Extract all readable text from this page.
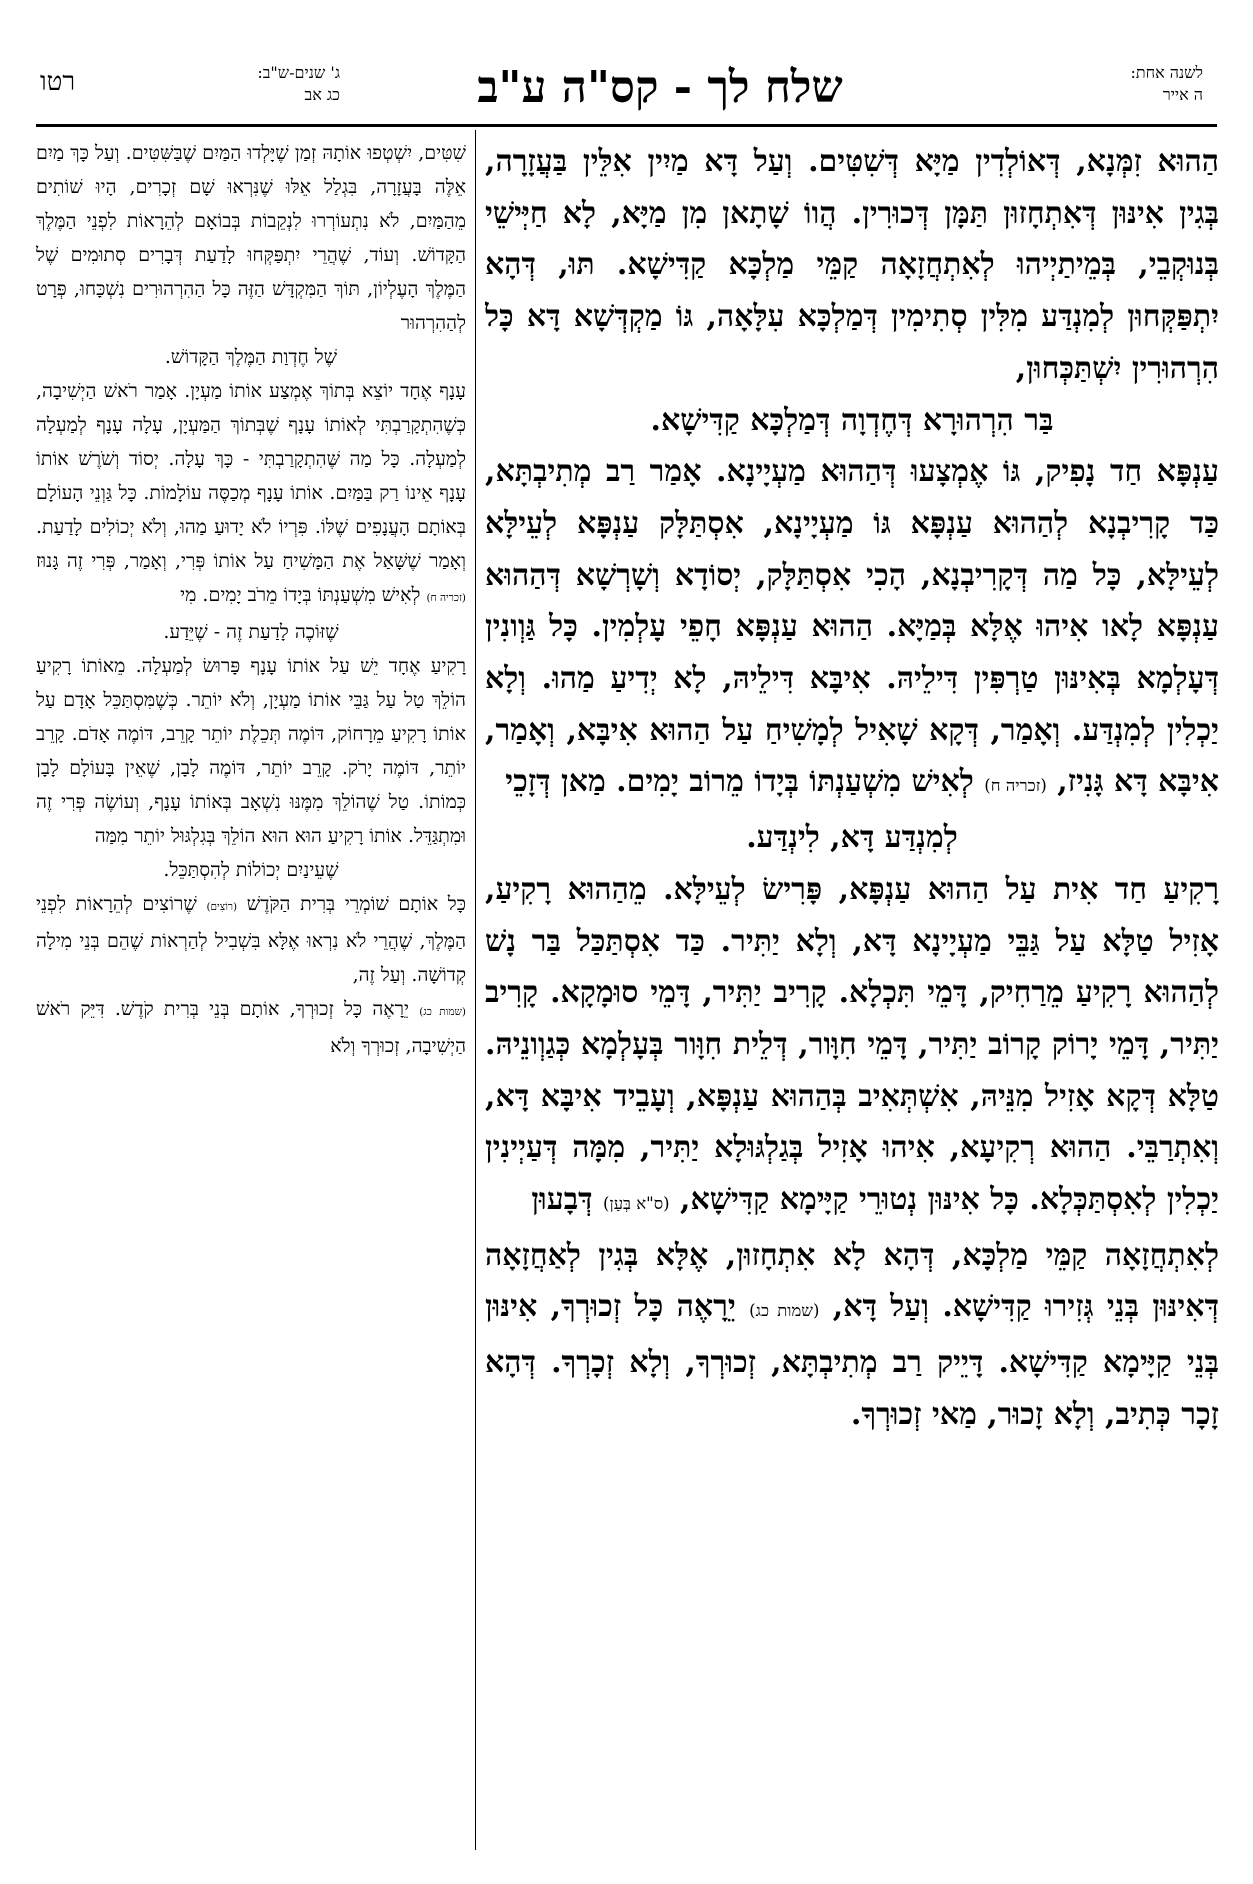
לשנה אחת:
ה אייר
שלח לך - קס"ה ע"ב
ג' שנים-ש"ב:
כג אב
רטו

הַהוּא זִמְּנָא, דְּאוֹלְדִין מַיָּא דְּשִׁטִּים. וְעַל דָּא מַיִין אִלֵּין בַּעֲזָרָה, בְּגִין אִינּוּן דְּאִתְחָזוּן תַּמָּן דְּכוּרִין. הֲווֹ שָׁתָאן מִן מַיָּא, לָא חַיְּישֵׁי בְּנוּקְבֵי, בְּמֵיתַיְיהוּ לְאִתְחֲזָאָה קַמֵּי מַלְכָּא קַדִּישָׁא. תּוּ, דְּהָא יִתְפַּקְּחוּן לְמִנְדַּע מִלִּין סְתִימִין דְּמַלְכָּא עִלָּאָה, גּוֹ מַקְדְּשָׁא דָּא כָּל הִרְהוּרִין יִשְׁתַּכְּחוּן,

בַּר הִרְהוּרָא דְּחֶדְוָה דְּמַלְכָּא קַדִּישָׁא.

עַנְפָּא חַד נָפִיק, גּוֹ אֶמְצָעוּ דְּהַהוּא מַעְיָינָא. אָמַר רַב מְתִיבְתָּא, כַּד קָרִיבְנָא לְהַהוּא עַנְפָּא גּוֹ מַעְיָינָא, אִסְתַּלָּק עַנְפָּא לְעֵילָּא לְעֵילָּא, כָּל מַה דְּקָרִיבְנָא, הָכִי אִסְתַּלָּק, יְסוֹדָא וְשָׁרְשָׁא דְּהַהוּא עַנְפָּא לָאו אִיהוּ אֶלָּא בְּמַיָּא. הַהוּא עַנְפָּא חָפֵי עָלְמִין. כָּל גַּוְונִין דְּעָלְמָא בְּאִינּוּן טַרְפִּין דִּילֵיהּ. אִיבָּא דִּילֵיהּ, לָא יְדִיעַ מַהוּ. וְלָא יַכְלִין לְמִנְדַּע. וְאָמַר, דְּקָא שָׁאִיל לְמָשִׁיחַ עַל הַהוּא אִיבָּא, וְאָמַר, אִיבָּא דָּא גָּנִיז, (זכריה ח) לְאִישׁ מִשְׁעַנְתּוֹ בְּיָדוֹ מֵרוֹב יָמִים. מַאן דְּזָכֵי

לְמִנְדַּע דָּא, לִינְדַּע.

רָקִיעַ חַד אִית עַל הַהוּא עַנְפָּא, פָּרִישׂ לְעֵילָּא. מֵהַהוּא רָקִיעַ, אָזִיל טַלָּא עַל גַּבֵּי מַעְיָינָא דָּא, וְלָא יַתִּיר. כַּד אִסְתַּכַּל בַּר נָשׁ לְהַהוּא רָקִיעַ מֵרַחִיק, דָּמֵי תִּכְלָא. קָרִיב יַתִּיר, דָּמֵי סוּמָקָא. קָרִיב יַתִּיר, דָּמֵי יָרוֹק קָרוֹב יַתִּיר, דָּמֵי חִוָּור, דְּלֵית חִוָּור בְּעָלְמָא כְּגַוְונֵיהּ. טַלָּא דְּקָא אָזִיל מִנֵּיהּ, אִשְׁתְּאִיב בְּהַהוּא עַנְפָּא, וְעָבֵיד אִיבָּא דָּא, וְאִתְרַבֵּי. הַהוּא רְקִיעָא, אִיהוּ אָזִיל בְּגַלְגּוּלָא יַתִּיר, מִמָּה דְּעַיְינִין יַכְלִין לְאִסְתַּכְּלָא. כָּל אִינּוּן נְטוּרֵי קַיָּימָא קַדִּישָׁא, (ס"א בְּעַן) דְּבָעוּן

לְאִתְחֲזָאָה קַמֵּי מַלְכָּא, דְּהָא לָא אִתְחָזוּן, אֶלָּא בְּגִין לְאַחֲזָאָה דְּאִינּוּן בְּנֵי גְּזִירוּ קַדִּישָׁא. וְעַל דָּא, (שמות כג) יֵרָאֶה כָּל זְכוּרְךָ, אִינּוּן בְּנֵי קַיָּימָא קַדִּישָׁא. דָּיֵיק רַב מְתִיבְתָּא, זְכוּרְךָ, וְלָא זְכָרְךָ. דְּהָא זָכָר כְּתִיב, וְלָא זָכוּר, מַאי זְכוּרְךָ.

שִׁטִּים, יִשְׁטְפוּ אוֹתָהּ זְמַן שֶׁיָּלְדוּ הַמַּיִם שֶׁבַּשִּׁטִּים. וְעַל כָּךְ מַיִם אֵלֶּה בָּעֲזָרָה, בִּגְלַל אֵלּוּ שֶׁנִּרְאוּ שָׁם זְכָרִים, הָיוּ שׁוֹתִים מֵהַמַּיִם, לֹא נִתְעוֹרְרוּ לִנְקֵבוֹת בְּבוֹאָם לְהֵרָאוֹת לִפְנֵי הַמֶּלֶךְ הַקָּדוֹשׁ. וְעוֹד, שֶׁהֲרֵי יִתְפַּקְּחוּ לָדַעַת דְּבָרִים סְתוּמִים שֶׁל הַמֶּלֶךְ הָעֶלְיוֹן, תּוֹךְ הַמִּקְדָּשׁ הַזֶּה כָּל הַהִרְהוּרִים נִשְׁכָּחוּ, פְּרָט לְהַהִרְהוּר

שֶׁל חֶדְוַת הַמֶּלֶךְ הַקָּדוֹשׁ.

עָנָף אֶחָד יוֹצֵא בְּתוֹךְ אֶמְצַע אוֹתוֹ מַעְיָן. אָמַר רֹאשׁ הַיְשִׁיבָה, כְּשֶׁהִתְקָרַבְתִּי לְאוֹתוֹ עָנָף שֶׁבְּתוֹךְ הַמַּעְיָן, עָלָה עָנָף לְמַעְלָה לְמַעְלָה. כָּל מַה שֶּׁהִתְקָרַבְתִּי - כָּךְ עָלָה. יְסוֹד וְשֹׁרֶשׁ אוֹתוֹ עָנָף אֵינוֹ רַק בַּמַּיִם. אוֹתוֹ עָנָף מְכַסֶּה עוֹלָמוֹת. כָּל גַּוְנֵי הָעוֹלָם בְּאוֹתָם הָעֲנָפִים שֶׁלּוֹ. פִּרְיוֹ לֹא יָדוּעַ מַהוּ, וְלֹא יְכוֹלִים לָדַעַת. וְאָמַר שֶׁשָּׁאַל אֶת הַמָּשִׁיחַ עַל אוֹתוֹ פְּרִי, וְאָמַר, פְּרִי זֶה גָּנוּז (זכריה ח) לְאִישׁ מִשְׁעַנְתּוֹ בְּיָדוֹ מֵרֹב יָמִים. מִי

שֶׁזּוֹכֶה לָדַעַת זֶה - שֶׁיֵּדַע.

רָקִיעַ אֶחָד יֵשׁ עַל אוֹתוֹ עָנָף פָּרוּשׂ לְמַעְלָה. מֵאוֹתוֹ רָקִיעַ הוֹלֵךְ טַל עַל גַּבֵּי אוֹתוֹ מַעְיָן, וְלֹא יוֹתֵר. כְּשֶׁמִּסְתַּכֵּל אָדָם עַל אוֹתוֹ רָקִיעַ מֵרָחוֹק, דּוֹמֶה תְּכֵלֶת יוֹתֵר קָרֵב, דּוֹמֶה אָדֹם. קָרֵב יוֹתֵר, דּוֹמֶה יָרֹק. קָרֵב יוֹתֵר, דּוֹמֶה לָבָן, שֶׁאֵין בָּעוֹלָם לָבָן כְּמוֹתוֹ. טַל שֶׁהוֹלֵךְ מִמֶּנּוּ נִשְׁאָב בְּאוֹתוֹ עָנָף, וְעוֹשֶׂה פְּרִי זֶה וּמִתְגַּדֵּל. אוֹתוֹ רָקִיעַ הוּא הוּא הוֹלֵךְ בְּגִלְגּוּל יוֹתֵר מִמַּה

שֶׁעֵינַיִם יְכוֹלוֹת לְהִסְתַּכֵּל.

כָּל אוֹתָם שׁוֹמְרֵי בְּרִית הַקֹּדֶשׁ (רוֹצִים) שֶׁרוֹצִים לְהֵרָאוֹת לִפְנֵי הַמֶּלֶךְ, שֶׁהֲרֵי לֹא נִרְאוּ אֶלָּא בִּשְׁבִיל לְהַרְאוֹת שֶׁהֵם בְּנֵי מִילָה קְדוֹשָׁה. וְעַל זֶה,

(שמות כג) יֵרָאֶה כָּל זְכוּרְךָ, אוֹתָם בְּנֵי בְּרִית קֹדֶשׁ. דִּיֵּק רֹאשׁ הַיְשִׁיבָה, זְכוּרְךָ וְלֹא
